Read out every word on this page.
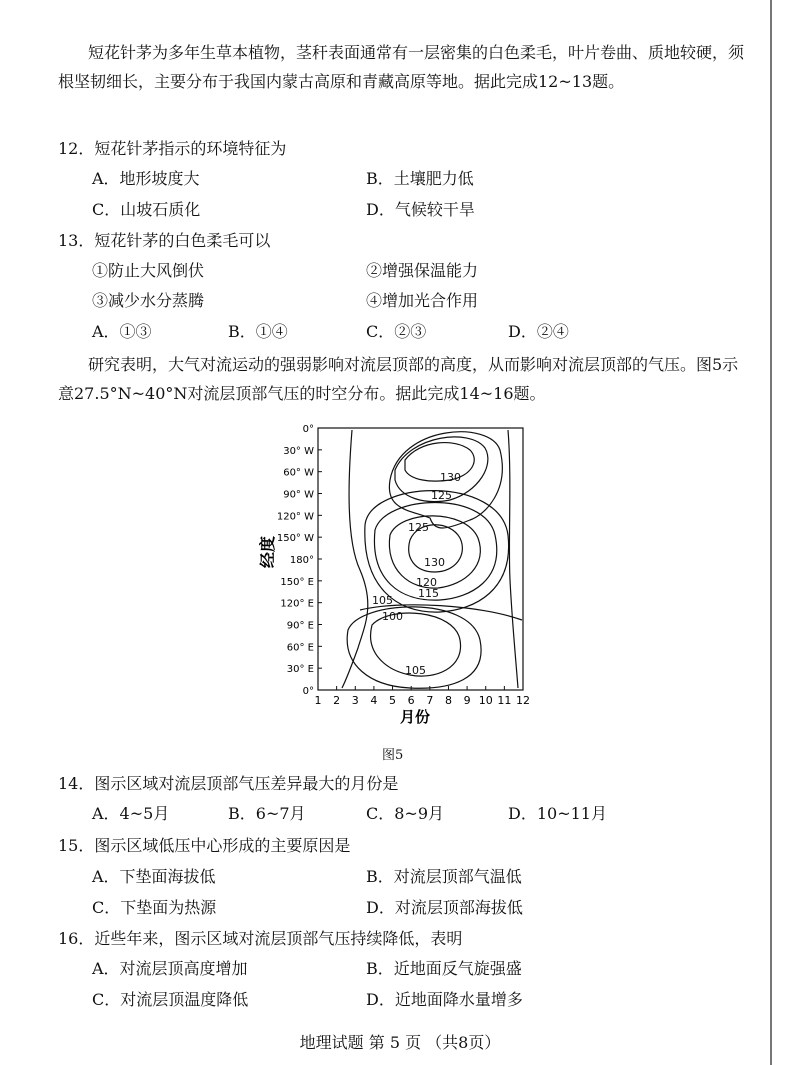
短花针茅为多年生草本植物，茎秆表面通常有一层密集的白色柔毛，叶片卷曲、质地较硬，须根坚韧细长，主要分布于我国内蒙古高原和青藏高原等地。据此完成12~13题。
12．短花针茅指示的环境特征为
A．地形坡度大	B．土壤肥力低
C．山坡石质化	D．气候较干旱
13．短花针茅的白色柔毛可以
①防止大风倒伏	②增强保温能力
③减少水分蒸腾	④增加光合作用
A．①③	B．①④	C．②③	D．②④
研究表明，大气对流运动的强弱影响对流层顶部的高度，从而影响对流层顶部的气压。图5示意27.5°N~40°N对流层顶部气压的时空分布。据此完成14~16题。
0°
30° W
60° W
90° W
120° W
150° W
180°
150° E
120° E
90° E
60° E
30° E
0°
1 2 3 4 5 6 7 8 9 10 11 12
130
125
125
130
120
115
105
100
105
经度
月份
图5
14．图示区域对流层顶部气压差异最大的月份是
A．4~5月	B．6~7月	C．8~9月	D．10~11月
15．图示区域低压中心形成的主要原因是
A．下垫面海拔低	B．对流层顶部气温低
C．下垫面为热源	D．对流层顶部海拔低
16．近些年来，图示区域对流层顶部气压持续降低，表明
A．对流层顶高度增加	B．近地面反气旋强盛
C．对流层顶温度降低	D．近地面降水量增多
地理试题 第 5 页 （共8页）
